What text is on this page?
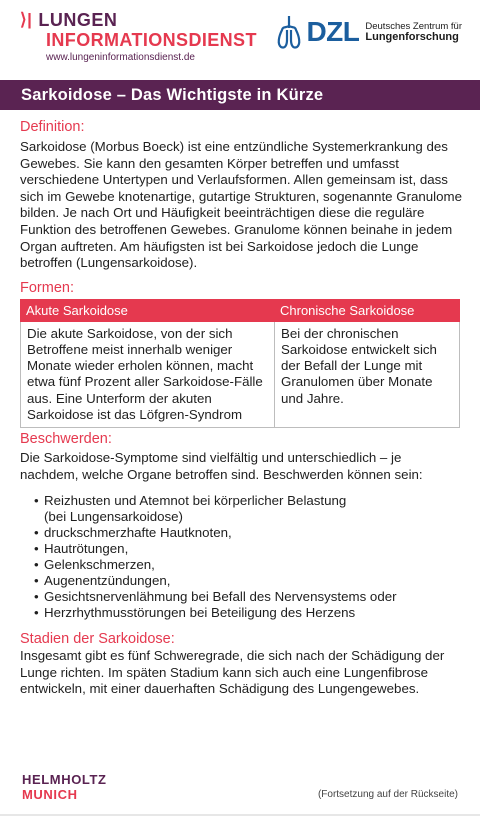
⟩| LUNGEN
INFORMATIONSDIENST
www.lungeninformationsdienst.de
DZL Deutsches Zentrum für
Lungenforschung
Sarkoidose – Das Wichtigste in Kürze
Definition:
Sarkoidose (Morbus Boeck) ist eine entzündliche Systemerkrankung des Gewebes. Sie kann den gesamten Körper betreffen und umfasst verschiedene Untertypen und Verlaufsformen. Allen gemeinsam ist, dass sich im Gewebe knotenartige, gutartige Strukturen, sogenannte Granulome bilden. Je nach Ort und Häufigkeit beeinträchtigen diese die reguläre Funktion des betroffenen Gewebes. Granulome können beinahe in jedem Organ auftreten. Am häufigsten ist bei Sarkoidose jedoch die Lunge betroffen (Lungensarkoidose).
Formen:
Akute Sarkoidose	Chronische Sarkoidose
Die akute Sarkoidose, von der sich Betroffene meist innerhalb weniger Monate wieder erholen können, macht etwa fünf Prozent aller Sarkoidose-Fälle aus. Eine Unterform der akuten Sarkoidose ist das Löfgren-Syndrom	Bei der chronischen Sarkoidose entwickelt sich der Befall der Lunge mit Granulomen über Monate und Jahre.
Beschwerden:
Die Sarkoidose-Symptome sind vielfältig und unterschiedlich – je nachdem, welche Organe betroffen sind. Beschwerden können sein:
• Reizhusten und Atemnot bei körperlicher Belastung
(bei Lungensarkoidose)
• druckschmerzhafte Hautknoten,
• Hautrötungen,
• Gelenkschmerzen,
• Augenentzündungen,
• Gesichtsnervenlähmung bei Befall des Nervensystems oder
• Herzrhythmusstörungen bei Beteiligung des Herzens
Stadien der Sarkoidose:
Insgesamt gibt es fünf Schweregrade, die sich nach der Schädigung der Lunge richten. Im späten Stadium kann sich auch eine Lungenfibrose entwickeln, mit einer dauerhaften Schädigung des Lungengewebes.
HELMHOLTZ
MUNICH	(Fortsetzung auf der Rückseite)
